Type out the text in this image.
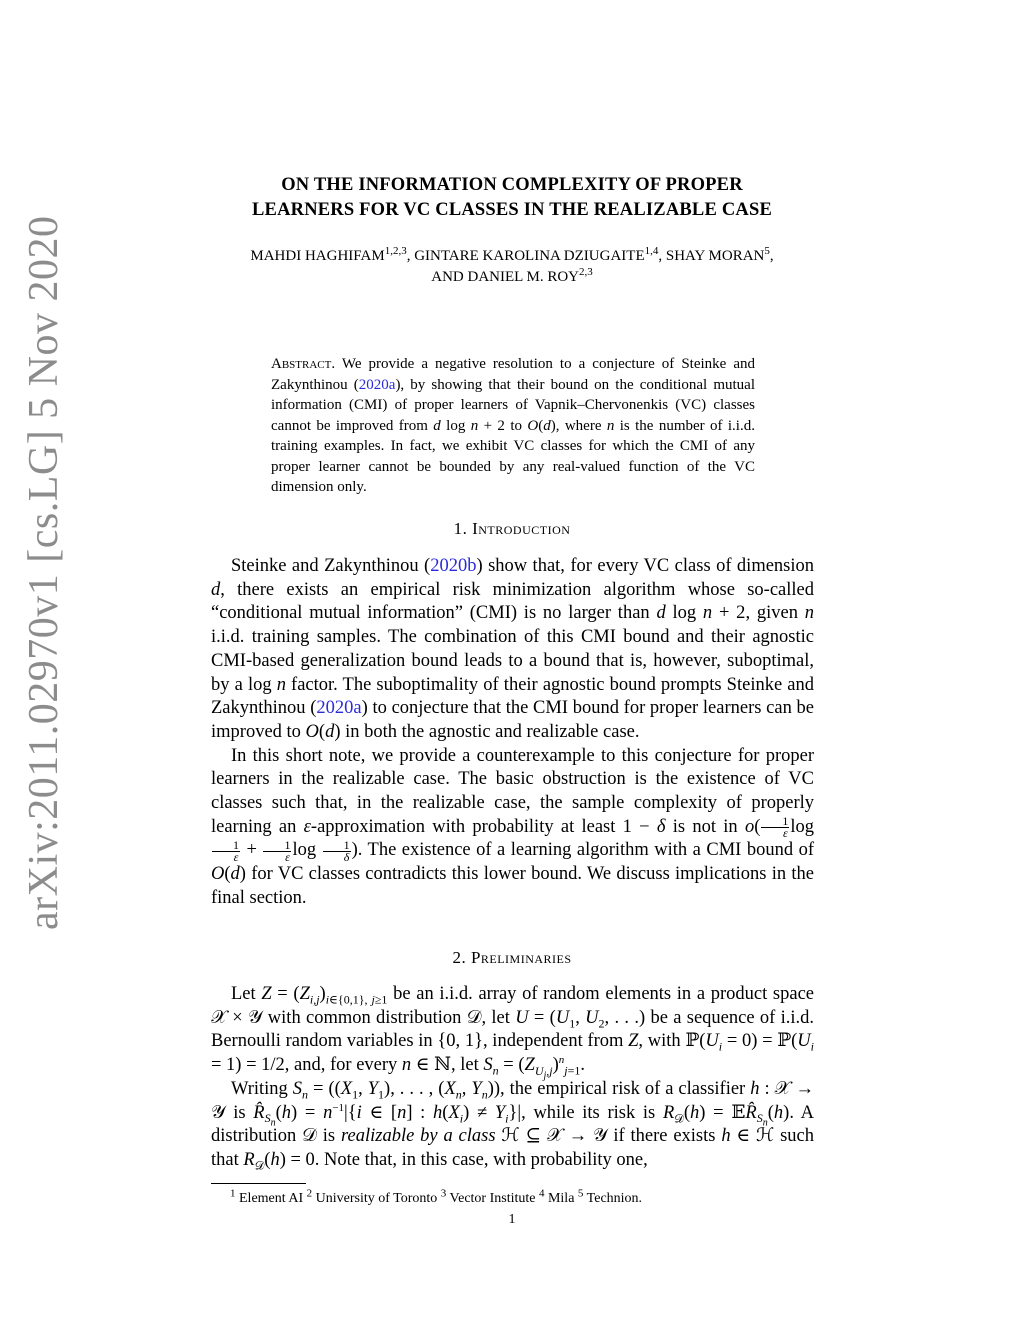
arXiv:2011.02970v1 [cs.LG] 5 Nov 2020
ON THE INFORMATION COMPLEXITY OF PROPER
LEARNERS FOR VC CLASSES IN THE REALIZABLE CASE
MAHDI HAGHIFAM$^{1,2,3}$, GINTARE KAROLINA DZIUGAITE$^{1,4}$, SHAY MORAN$^5$,
AND DANIEL M. ROY$^{2,3}$
Abstract. We provide a negative resolution to a conjecture of Steinke and Zakynthinou (2020a), by showing that their bound on the conditional mutual information (CMI) of proper learners of Vapnik–Chervonenkis (VC) classes cannot be improved from d log n + 2 to O(d), where n is the number of i.i.d. training examples. In fact, we exhibit VC classes for which the CMI of any proper learner cannot be bounded by any real-valued function of the VC dimension only.
1. Introduction

Steinke and Zakynthinou (2020b) show that, for every VC class of dimension d, there exists an empirical risk minimization algorithm whose so-called “conditional mutual information” (CMI) is no larger than d log n + 2, given n i.i.d. training samples. The combination of this CMI bound and their agnostic CMI-based generalization bound leads to a bound that is, however, suboptimal, by a log n factor. The suboptimality of their agnostic bound prompts Steinke and Zakynthinou (2020a) to conjecture that the CMI bound for proper learners can be improved to O(d) in both the agnostic and realizable case.

In this short note, we provide a counterexample to this conjecture for proper learners in the realizable case. The basic obstruction is the existence of VC classes such that, in the realizable case, the sample complexity of properly learning an ε-approximation with probability at least 1 − δ is not in $o( \frac{1}{\varepsilon}$ log
$\frac{1}{\varepsilon} + \frac{1}{\varepsilon}$ $\log \frac{1}{\delta}$ ). The existence of a learning algorithm with a CMI bound of O(d) for VC classes contradicts this lower bound. We discuss implications in the final section.

2. Preliminaries

Let $Z = (Z_{i,j})_{i\in\{0,1\}, j\ge 1}$ be an i.i.d. array of random elements in a product space 𝒳 × 𝒴 with common distribution 𝒟, let $U = (U_1$, $U_2$, . . .) be a sequence of i.i.d. Bernoulli random variables in {0, 1}, independent from Z, with $ℙ(U_i = 0)$ = $ℙ(U_i = 1) = 1/2$, and, for every n ∈ ℕ, let $S_n = (Z_{U_j,j})^n_{j=1}$.

Writing $S_n = ((X_1$, $Y_1$), . . . , ($X_n$, $Y_n$)), the empirical risk of a classifier h : 𝒳 → 𝒴 is $R̂_{S_n}(h) = n^{-1}|\{i$ ∈ [n] : $h(X_i) \ne Y_i\}|$, while its risk is $R_𝒟(h)$ = $𝔼R̂_{S_n}(h)$. A distribution 𝒟 is realizable by a class ℋ ⊆ 𝒳 → 𝒴 if there exists h ∈ ℋ such that $R_𝒟(h) = 0$. Note that, in this case, with probability one,

$^1$ Element AI $^2$ University of Toronto $^3$ Vector Institute $^4$ Mila $^5$ Technion.
1
